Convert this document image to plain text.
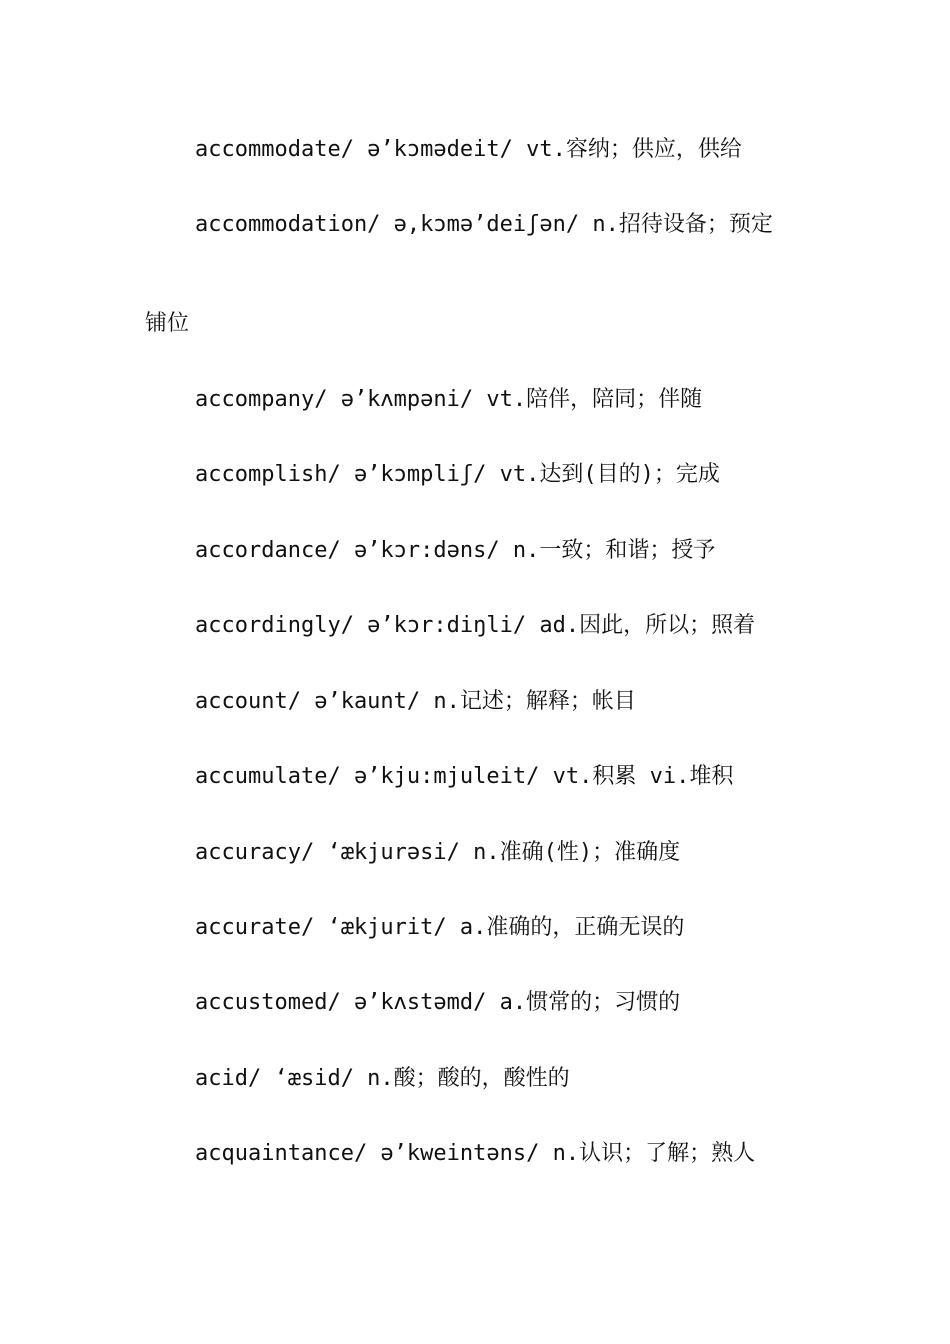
accommodate/ ə’kɔmədeit/ vt.容纳；供应，供给
accommodation/ ə,kɔmə’deiʃən/ n.招待设备；预定
铺位
accompany/ ə’kʌmpəni/ vt.陪伴，陪同；伴随
accomplish/ ə’kɔmpliʃ/ vt.达到(目的)；完成
accordance/ ə’kɔr:dəns/ n.一致；和谐；授予
accordingly/ ə’kɔr:diŋli/ ad.因此，所以；照着
account/ ə’kaunt/ n.记述；解释；帐目
accumulate/ ə’kju:mjuleit/ vt.积累 vi.堆积
accuracy/ ‘ækjurəsi/ n.准确(性)；准确度
accurate/ ‘ækjurit/ a.准确的，正确无误的
accustomed/ ə’kʌstəmd/ a.惯常的；习惯的
acid/ ‘æsid/ n.酸；酸的，酸性的
acquaintance/ ə’kweintəns/ n.认识；了解；熟人
